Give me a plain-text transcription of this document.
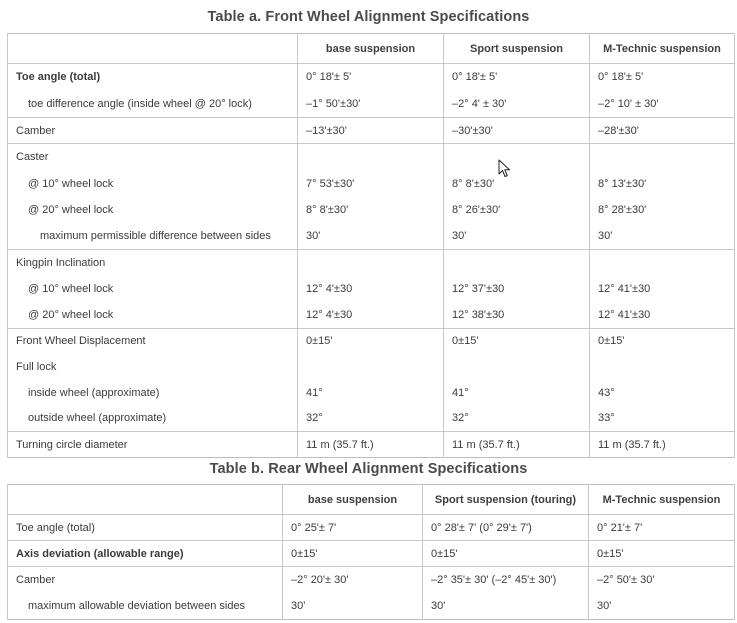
Table a. Front Wheel Alignment Specifications
	base suspension	Sport suspension	M-Technic suspension
Toe angle (total)	0° 18'± 5'	0° 18'± 5'	0° 18'± 5'
toe difference angle (inside wheel @ 20° lock)	–1° 50'±30'	–2° 4' ± 30'	–2° 10' ± 30'
Camber	–13'±30'	–30'±30'	–28'±30'
Caster			
@ 10° wheel lock	7° 53'±30'	8° 8'±30'	8° 13'±30'
@ 20° wheel lock	8° 8'±30'	8° 26'±30'	8° 28'±30'
maximum permissible difference between sides	30'	30'	30'
Kingpin Inclination			
@ 10° wheel lock	12° 4'±30	12° 37'±30	12° 41'±30
@ 20° wheel lock	12° 4'±30	12° 38'±30	12° 41'±30
Front Wheel Displacement	0±15'	0±15'	0±15'
Full lock			
inside wheel (approximate)	41°	41°	43°
outside wheel (approximate)	32°	32°	33°
Turning circle diameter	11 m (35.7 ft.)	11 m (35.7 ft.)	11 m (35.7 ft.)
Table b. Rear Wheel Alignment Specifications
	base suspension	Sport suspension (touring)	M-Technic suspension
Toe angle (total)	0° 25'± 7'	0° 28'± 7' (0° 29'± 7')	0° 21'± 7'
Axis deviation (allowable range)	0±15'	0±15'	0±15'
Camber	–2° 20'± 30'	–2° 35'± 30' (–2° 45'± 30')	–2° 50'± 30'
maximum allowable deviation between sides	30'	30'	30'
